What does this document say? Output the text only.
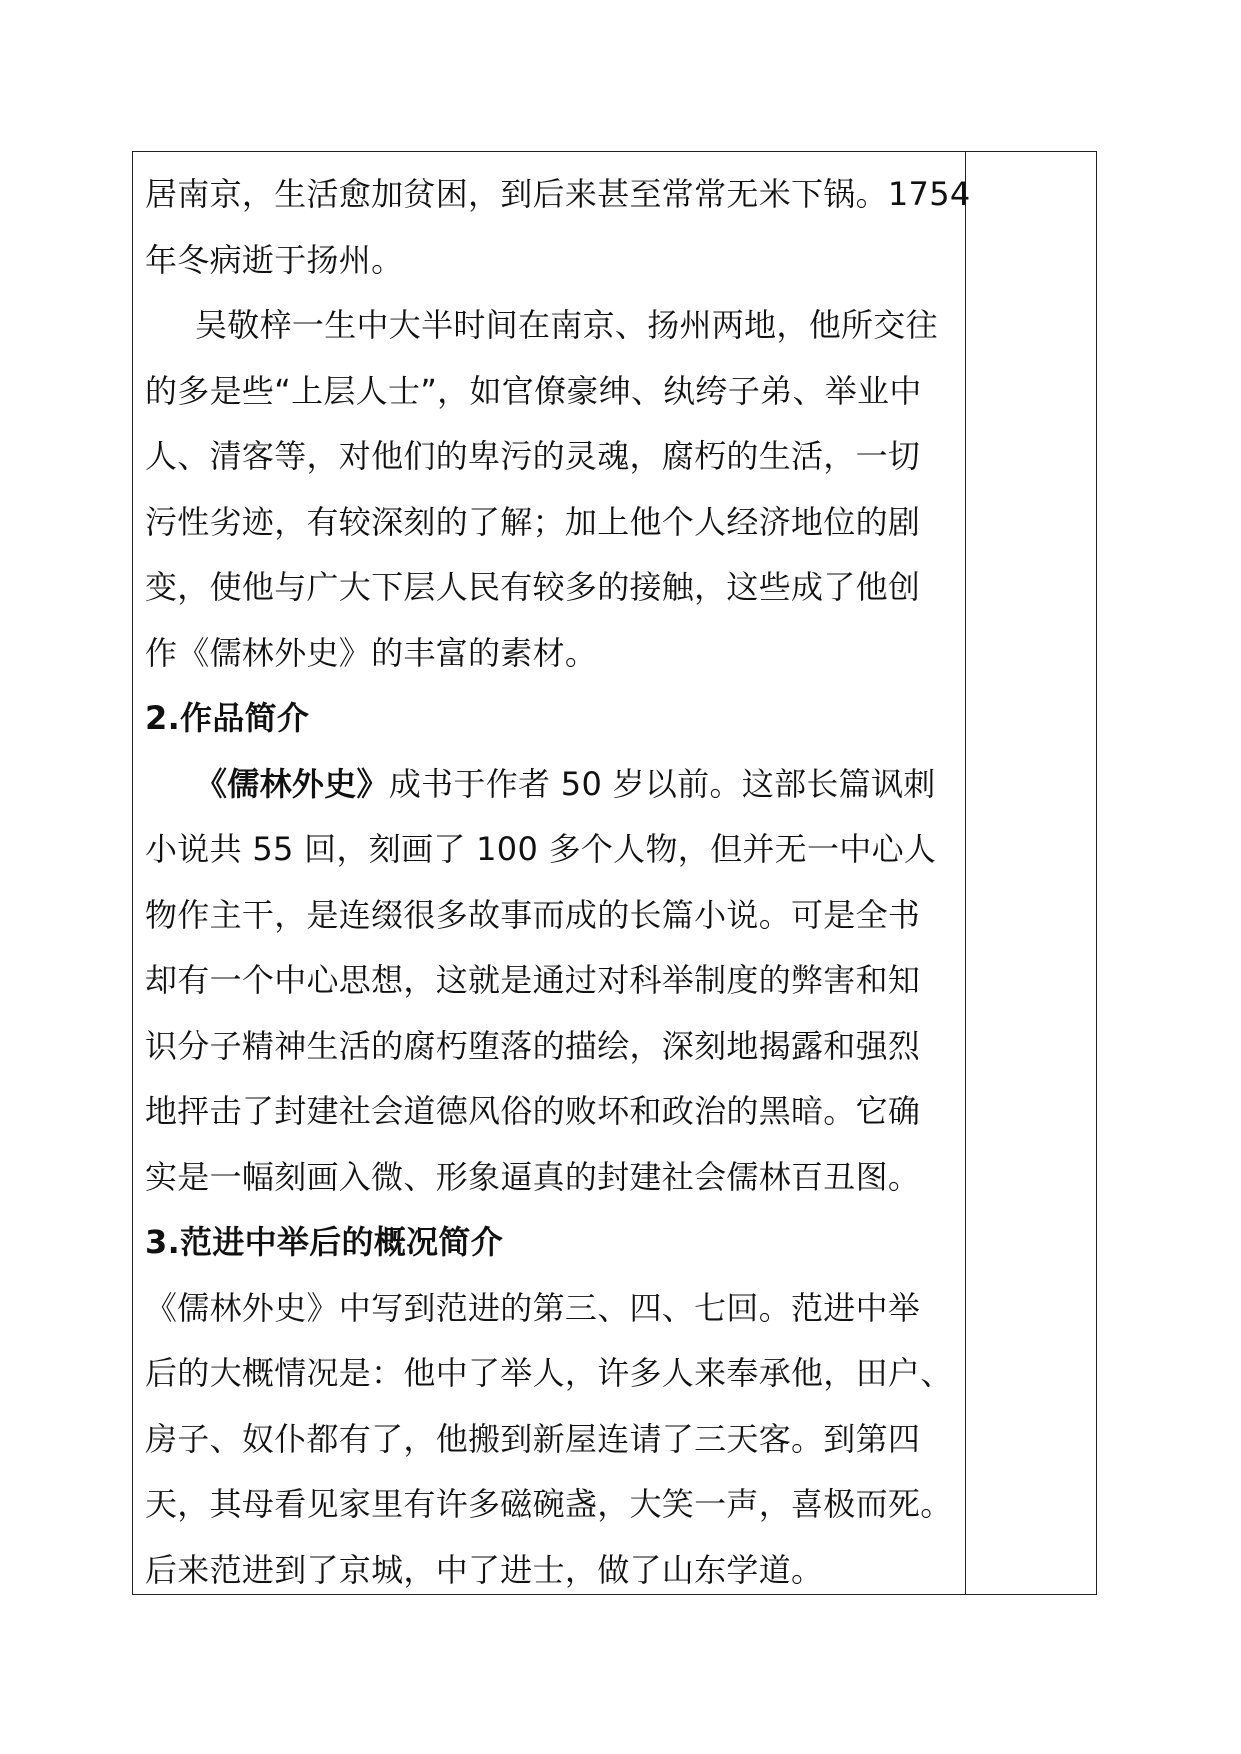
居南京，生活愈加贫困，到后来甚至常常无米下锅。1754
年冬病逝于扬州。
吴敬梓一生中大半时间在南京、扬州两地，他所交往
的多是些“上层人士”，如官僚豪绅、纨绔子弟、举业中
人、清客等，对他们的卑污的灵魂，腐朽的生活，一切
污性劣迹，有较深刻的了解；加上他个人经济地位的剧
变，使他与广大下层人民有较多的接触，这些成了他创
作《儒林外史》的丰富的素材。
2.作品简介
《儒林外史》成书于作者 50 岁以前。这部长篇讽刺
小说共 55 回，刻画了 100 多个人物，但并无一中心人
物作主干，是连缀很多故事而成的长篇小说。可是全书
却有一个中心思想，这就是通过对科举制度的弊害和知
识分子精神生活的腐朽堕落的描绘，深刻地揭露和强烈
地抨击了封建社会道德风俗的败坏和政治的黑暗。它确
实是一幅刻画入微、形象逼真的封建社会儒林百丑图。
3.范进中举后的概况简介
《儒林外史》中写到范进的第三、四、七回。范进中举
后的大概情况是：他中了举人，许多人来奉承他，田户、
房子、奴仆都有了，他搬到新屋连请了三天客。到第四
天，其母看见家里有许多磁碗盏，大笑一声，喜极而死。
后来范进到了京城，中了进士，做了山东学道。
